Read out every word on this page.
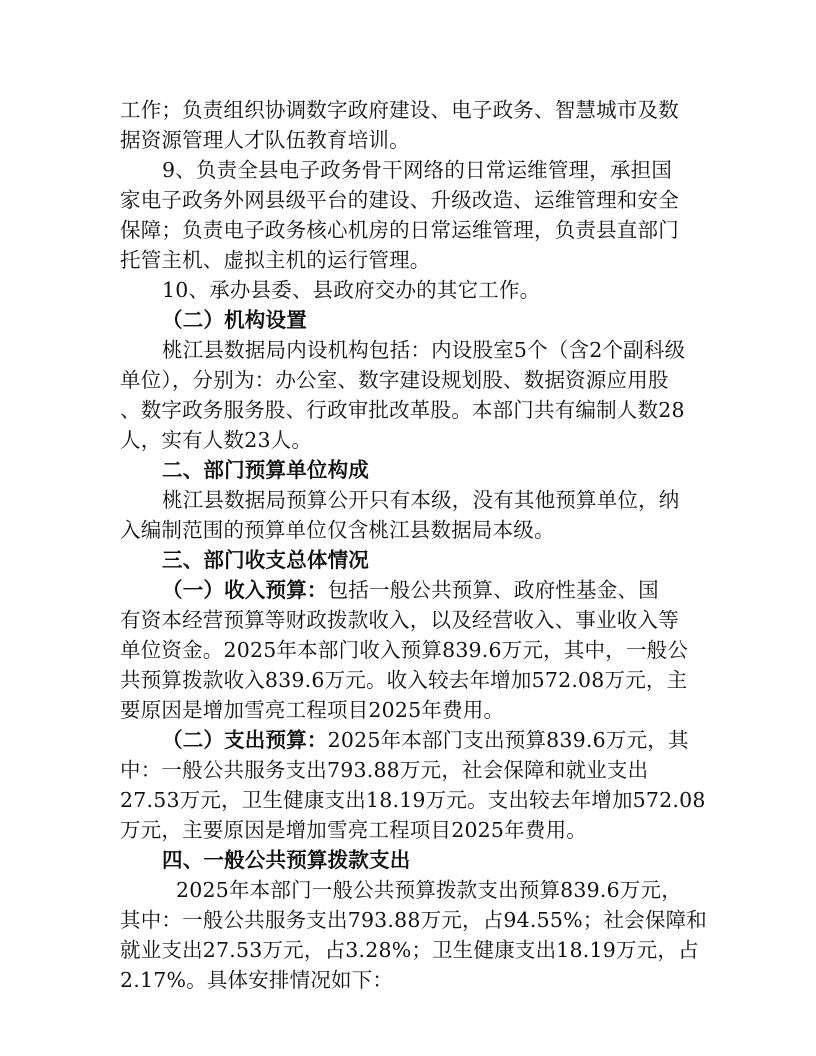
工作；负责组织协调数字政府建设、电子政务、智慧城市及数
据资源管理人才队伍教育培训。
9、负责全县电子政务骨干网络的日常运维管理，承担国
家电子政务外网县级平台的建设、升级改造、运维管理和安全
保障；负责电子政务核心机房的日常运维管理，负责县直部门
托管主机、虚拟主机的运行管理。
10、承办县委、县政府交办的其它工作。
（二）机构设置
桃江县数据局内设机构包括：内设股室5个（含2个副科级
单位），分别为：办公室、数字建设规划股、数据资源应用股
、数字政务服务股、行政审批改革股。本部门共有编制人数28
人，实有人数23人。
二、部门预算单位构成
桃江县数据局预算公开只有本级，没有其他预算单位，纳
入编制范围的预算单位仅含桃江县数据局本级。
三、部门收支总体情况
（一）收入预算：包括一般公共预算、政府性基金、国
有资本经营预算等财政拨款收入，以及经营收入、事业收入等
单位资金。2025年本部门收入预算839.6万元，其中，一般公
共预算拨款收入839.6万元。收入较去年增加572.08万元，主
要原因是增加雪亮工程项目2025年费用。
（二）支出预算：2025年本部门支出预算839.6万元，其
中：一般公共服务支出793.88万元，社会保障和就业支出
27.53万元，卫生健康支出18.19万元。支出较去年增加572.08
万元，主要原因是增加雪亮工程项目2025年费用。
四、一般公共预算拨款支出
2025年本部门一般公共预算拨款支出预算839.6万元，
其中：一般公共服务支出793.88万元，占94.55%；社会保障和
就业支出27.53万元，占3.28%；卫生健康支出18.19万元，占
2.17%。具体安排情况如下：
